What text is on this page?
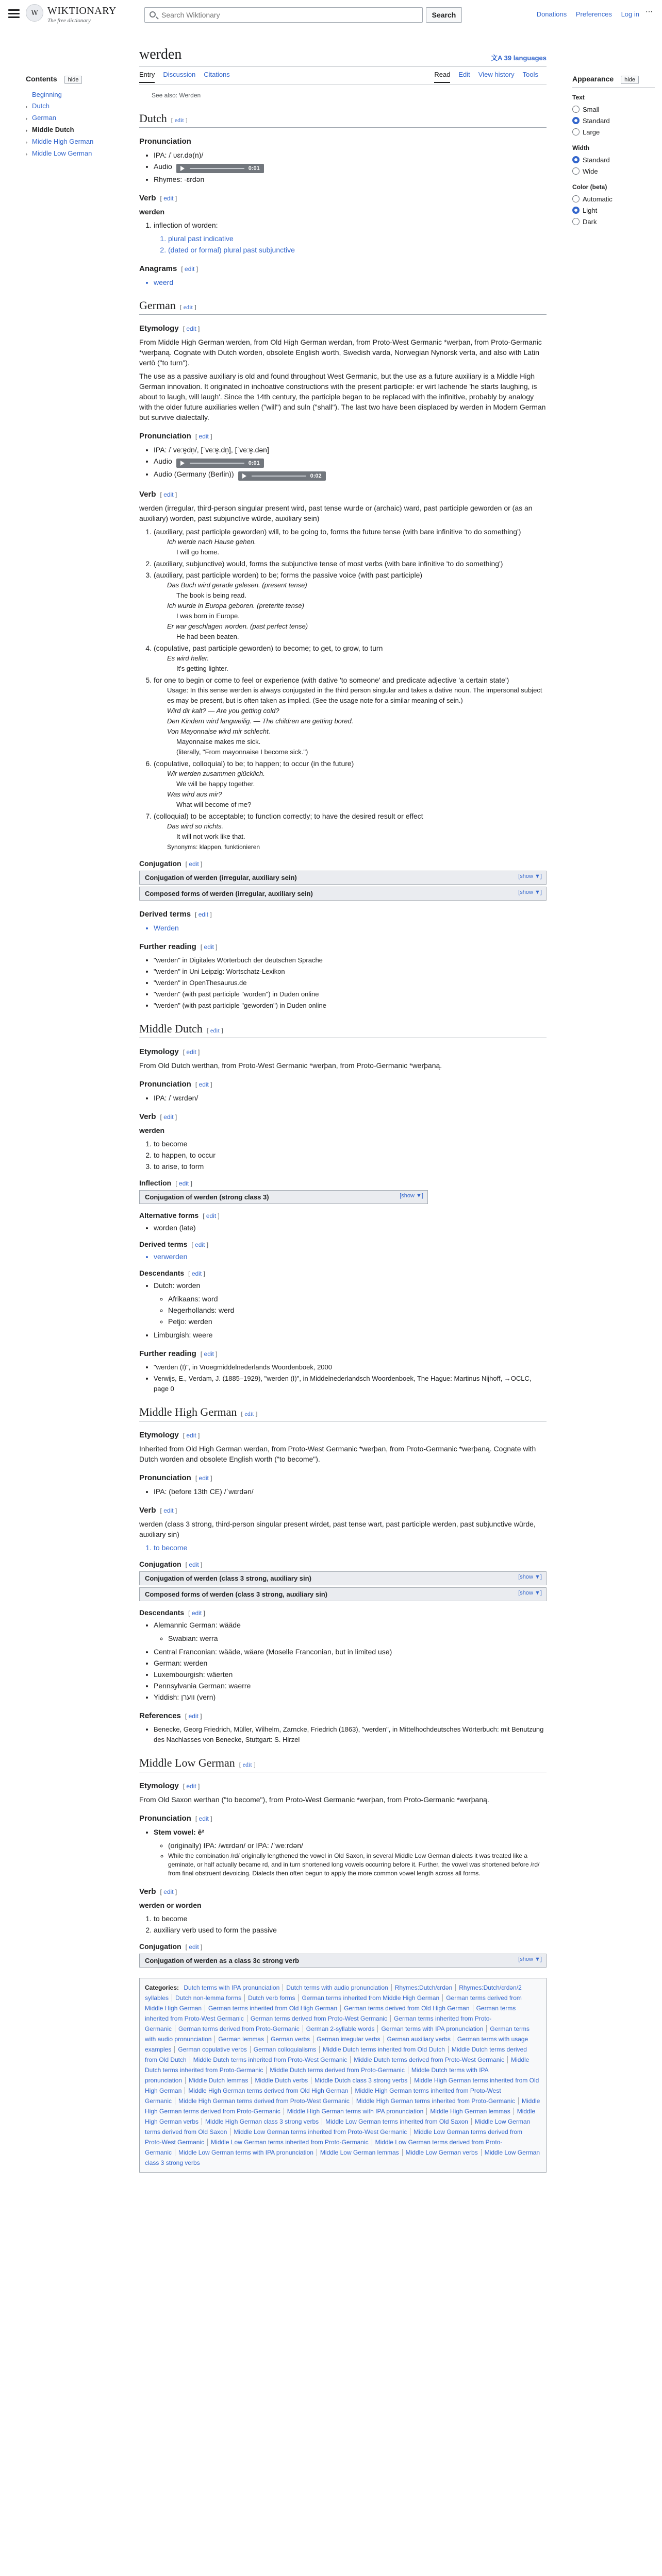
W WIKTIONARY
The free dictionary
Search Wiktionary
Search	Donations Preferences Log in ⋯
Contents hide
Beginning
› Dutch
› German
› Middle Dutch
› Middle High German
› Middle Low German
Appearance hide
Text
Small
Standard
Large
Width
Standard
Wide
Color (beta)
Automatic
Light
Dark
werden	文A 39 languages
Entry Discussion Citations	Read Edit View history Tools

See also: Werden

Dutch [ edit ]
Pronunciation
• IPA: /ˈʋɛr.də(n)/
• Audio	0:01
• Rhymes: -ɛrdən
Verb [ edit ]

werden

1. inflection of worden:
1. plural past indicative
2. (dated or formal) plural past subjunctive
Anagrams [ edit ]
• weerd
German [ edit ]
Etymology [ edit ]

From Middle High German werden, from Old High German werdan, from Proto-West Germanic *werþan, from Proto-Germanic *werþaną. Cognate with Dutch worden, obsolete English worth, Swedish varda, Norwegian Nynorsk verta, and also with Latin vertō ("to turn").

The use as a passive auxiliary is old and found throughout West Germanic, but the use as a future auxiliary is a Middle High German innovation. It originated in inchoative constructions with the present participle: er wirt lachende 'he starts laughing, is about to laugh, will laugh'. Since the 14th century, the participle began to be replaced with the infinitive, probably by analogy with the older future auxiliaries wellen ("will") and suln ("shall"). The last two have been displaced by werden in Modern German but survive dialectally.

Pronunciation [ edit ]
• IPA: /ˈveːɐ̯dn̩/, [ˈveːɐ̯.dn̩], [ˈveːɐ̯.dən]
• Audio	0:01
• Audio (Germany (Berlin))	0:02
Verb [ edit ]

werden (irregular, third-person singular present wird, past tense wurde or (archaic) ward, past participle geworden or (as an auxiliary) worden, past subjunctive würde, auxiliary sein)

1. (auxiliary, past participle geworden) will, to be going to, forms the future tense (with bare infinitive 'to do something')
Ich werde nach Hause gehen.
I will go home.
2. (auxiliary, subjunctive) would, forms the subjunctive tense of most verbs (with bare infinitive 'to do something')
3. (auxiliary, past participle worden) to be; forms the passive voice (with past participle)
Das Buch wird gerade gelesen. (present tense)
The book is being read.
Ich wurde in Europa geboren. (preterite tense)
I was born in Europe.
Er war geschlagen worden. (past perfect tense)
He had been beaten.
4. (copulative, past participle geworden) to become; to get, to grow, to turn
Es wird heller.
It's getting lighter.
5. for one to begin or come to feel or experience (with dative 'to someone' and predicate adjective 'a certain state')
Usage: In this sense werden is always conjugated in the third person singular and takes a dative noun. The impersonal subject es may be present, but is often taken as implied. (See the usage note for a similar meaning of sein.)
Wird dir kalt? — Are you getting cold?
Den Kindern wird langweilig. — The children are getting bored.
Von Mayonnaise wird mir schlecht.
Mayonnaise makes me sick.
(literally, "From mayonnaise I become sick.")
6. (copulative, colloquial) to be; to happen; to occur (in the future)
Wir werden zusammen glücklich.
We will be happy together.
Was wird aus mir?
What will become of me?
7. (colloquial) to be acceptable; to function correctly; to have the desired result or effect
Das wird so nichts.
It will not work like that.
Synonyms: klappen, funktionieren
Conjugation [ edit ]
Conjugation of werden (irregular, auxiliary sein)	[show ▼]
Composed forms of werden (irregular, auxiliary sein)	[show ▼]
Derived terms [ edit ]
• Werden
Further reading [ edit ]
• "werden" in Digitales Wörterbuch der deutschen Sprache
• "werden" in Uni Leipzig: Wortschatz-Lexikon
• "werden" in OpenThesaurus.de
• "werden" (with past participle "worden") in Duden online
• "werden" (with past participle "geworden") in Duden online
Middle Dutch [ edit ]
Etymology [ edit ]

From Old Dutch werthan, from Proto-West Germanic *werþan, from Proto-Germanic *werþaną.

Pronunciation [ edit ]
• IPA: /ˈwɛrdən/
Verb [ edit ]

werden

1. to become
2. to happen, to occur
3. to arise, to form
Inflection [ edit ]
Conjugation of werden (strong class 3)	[show ▼]
Alternative forms [ edit ]
• worden (late)
Derived terms [ edit ]
• verwerden
Descendants [ edit ]
• Dutch: worden
◦ Afrikaans: word
◦ Negerhollands: werd
◦ Petjo: werden
• Limburgish: weere
Further reading [ edit ]
• "werden (I)", in Vroegmiddelnederlands Woordenboek, 2000
• Verwijs, E., Verdam, J. (1885–1929), "werden (I)", in Middelnederlandsch Woordenboek, The Hague: Martinus Nijhoff, →OCLC, page 0
Middle High German [ edit ]
Etymology [ edit ]

Inherited from Old High German werdan, from Proto-West Germanic *werþan, from Proto-Germanic *werþaną. Cognate with Dutch worden and obsolete English worth ("to become").

Pronunciation [ edit ]
• IPA: (before 13th CE) /ˈwɛrdən/
Verb [ edit ]

werden (class 3 strong, third-person singular present wirdet, past tense wart, past participle werden, past subjunctive würde, auxiliary sin)

1. to become
Conjugation [ edit ]
Conjugation of werden (class 3 strong, auxiliary sin)	[show ▼]
Composed forms of werden (class 3 strong, auxiliary sin)	[show ▼]
Descendants [ edit ]
• Alemannic German: wääde
◦ Swabian: werra
• Central Franconian: wääde, wäare (Moselle Franconian, but in limited use)
• German: werden
• Luxembourgish: wäerten
• Pennsylvania German: waerre
• Yiddish: ווערן (vern)
References [ edit ]
• Benecke, Georg Friedrich, Müller, Wilhelm, Zarncke, Friedrich (1863), "werden", in Mittelhochdeutsches Wörterbuch: mit Benutzung des Nachlasses von Benecke, Stuttgart: S. Hirzel
Middle Low German [ edit ]
Etymology [ edit ]

From Old Saxon werthan ("to become"), from Proto-West Germanic *werþan, from Proto-Germanic *werþaną.

Pronunciation [ edit ]
• Stem vowel: ē²
◦ (originally) IPA: /wɛrdən/ or IPA: /ˈweːrdən/
◦ While the combination /rd/ originally lengthened the vowel in Old Saxon, in several Middle Low German dialects it was treated like a geminate, or half actually became rd, and in turn shortened long vowels occurring before it. Further, the vowel was shortened before /rd/ from final obstruent devoicing. Dialects then often begun to apply the more common vowel length across all forms.
Verb [ edit ]

werden or worden

1. to become
2. auxiliary verb used to form the passive
Conjugation [ edit ]
Conjugation of werden as a class 3c strong verb	[show ▼]
Categories: Dutch terms with IPA pronunciation Dutch terms with audio pronunciation Rhymes:Dutch/ɛrdən Rhymes:Dutch/ɛrdən/2 syllables Dutch non-lemma forms Dutch verb forms German terms inherited from Middle High German German terms derived from Middle High German German terms inherited from Old High German German terms derived from Old High German German terms inherited from Proto-West Germanic German terms derived from Proto-West Germanic German terms inherited from Proto-Germanic German terms derived from Proto-Germanic German 2-syllable words German terms with IPA pronunciation German terms with audio pronunciation German lemmas German verbs German irregular verbs German auxiliary verbs German terms with usage examples German copulative verbs German colloquialisms Middle Dutch terms inherited from Old Dutch Middle Dutch terms derived from Old Dutch Middle Dutch terms inherited from Proto-West Germanic Middle Dutch terms derived from Proto-West Germanic Middle Dutch terms inherited from Proto-Germanic Middle Dutch terms derived from Proto-Germanic Middle Dutch terms with IPA pronunciation Middle Dutch lemmas Middle Dutch verbs Middle Dutch class 3 strong verbs Middle High German terms inherited from Old High German Middle High German terms derived from Old High German Middle High German terms inherited from Proto-West Germanic Middle High German terms derived from Proto-West Germanic Middle High German terms inherited from Proto-Germanic Middle High German terms derived from Proto-Germanic Middle High German terms with IPA pronunciation Middle High German lemmas Middle High German verbs Middle High German class 3 strong verbs Middle Low German terms inherited from Old Saxon Middle Low German terms derived from Old Saxon Middle Low German terms inherited from Proto-West Germanic Middle Low German terms derived from Proto-West Germanic Middle Low German terms inherited from Proto-Germanic Middle Low German terms derived from Proto-Germanic Middle Low German terms with IPA pronunciation Middle Low German lemmas Middle Low German verbs Middle Low German class 3 strong verbs
